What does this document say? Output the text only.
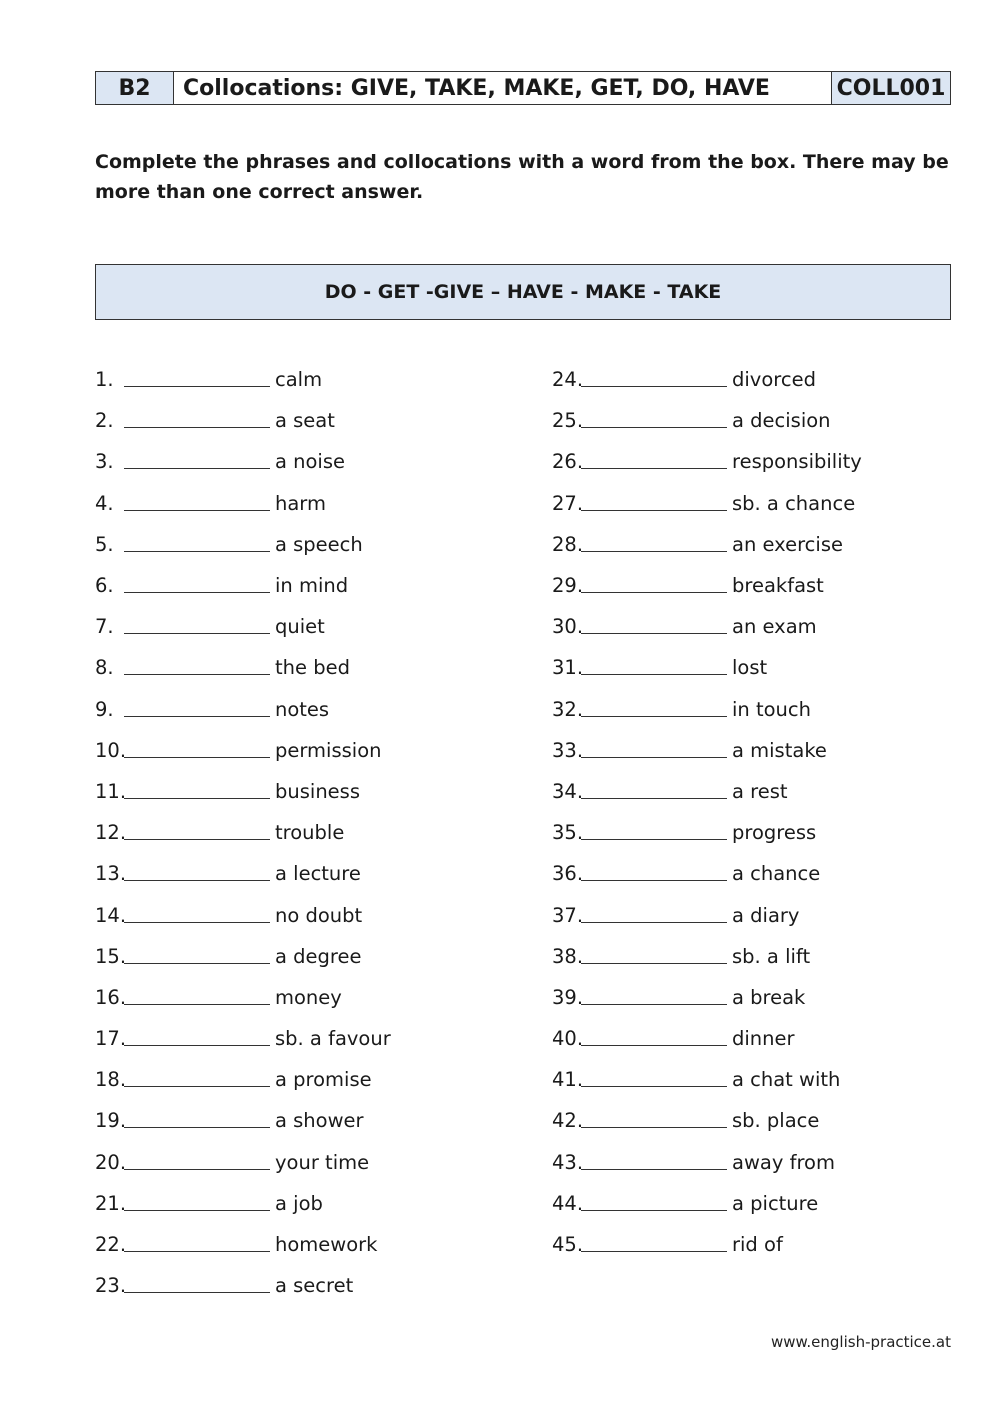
B2	Collocations: GIVE, TAKE, MAKE, GET, DO, HAVE	COLL001

Complete the phrases and collocations with a word from the box. There may be more than one correct answer.

DO - GET -GIVE – HAVE - MAKE - TAKE
1.	calm
2.	a seat
3.	a noise
4.	harm
5.	a speech
6.	in mind
7.	quiet
8.	the bed
9.	notes
10.	permission
11.	business
12.	trouble
13.	a lecture
14.	no doubt
15.	a degree
16.	money
17.	sb. a favour
18.	a promise
19.	a shower
20.	your time
21.	a job
22.	homework
23.	a secret
24.	divorced
25.	a decision
26.	responsibility
27.	sb. a chance
28.	an exercise
29.	breakfast
30.	an exam
31.	lost
32.	in touch
33.	a mistake
34.	a rest
35.	progress
36.	a chance
37.	a diary
38.	sb. a lift
39.	a break
40.	dinner
41.	a chat with
42.	sb. place
43.	away from
44.	a picture
45.	rid of
www.english-practice.at
